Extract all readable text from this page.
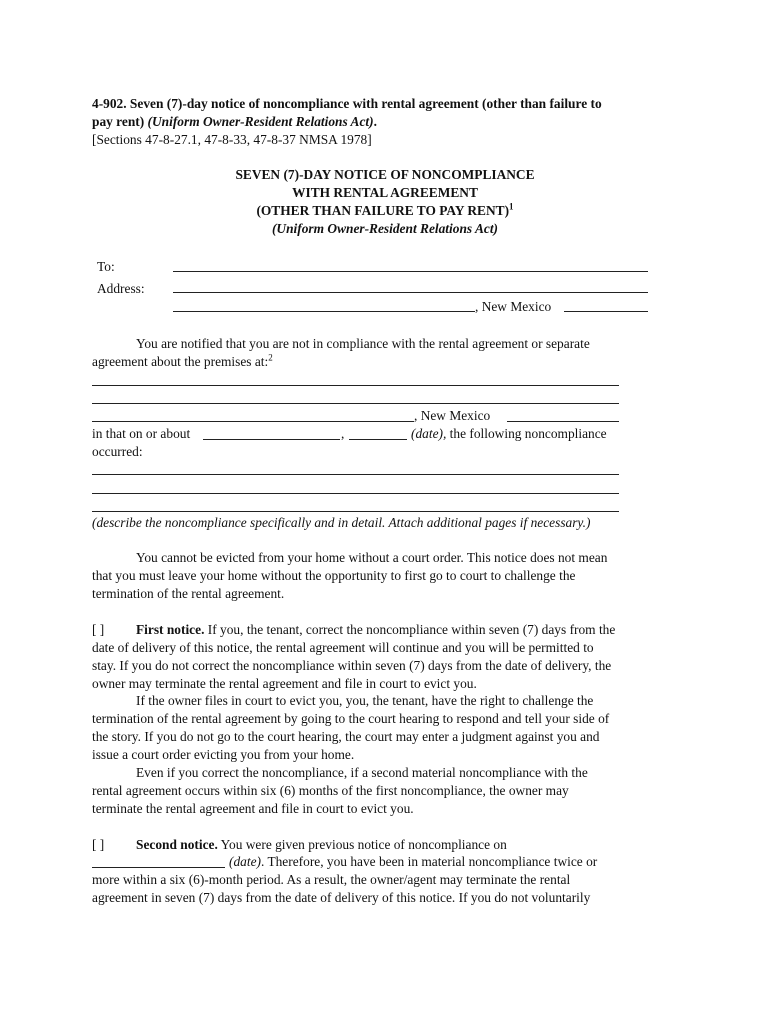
4-902. Seven (7)-day notice of noncompliance with rental agreement (other than failure to
pay rent) (Uniform Owner-Resident Relations Act).
[Sections 47-8-27.1, 47-8-33, 47-8-37 NMSA 1978]
SEVEN (7)-DAY NOTICE OF NONCOMPLIANCE
WITH RENTAL AGREEMENT
(OTHER THAN FAILURE TO PAY RENT)$^1$
(Uniform Owner-Resident Relations Act)
To:
Address:
, New Mexico
You are notified that you are not in compliance with the rental agreement or separate
agreement about the premises at:$^2$
, New Mexico
in that on or about	,	(date), the following noncompliance
occurred:
(describe the noncompliance specifically and in detail. Attach additional pages if necessary.)
You cannot be evicted from your home without a court order. This notice does not mean
that you must leave your home without the opportunity to first go to court to challenge the
termination of the rental agreement.
[ ] First notice. If you, the tenant, correct the noncompliance within seven (7) days from the
date of delivery of this notice, the rental agreement will continue and you will be permitted to
stay. If you do not correct the noncompliance within seven (7) days from the date of delivery, the
owner may terminate the rental agreement and file in court to evict you.
If the owner files in court to evict you, you, the tenant, have the right to challenge the
termination of the rental agreement by going to the court hearing to respond and tell your side of
the story. If you do not go to the court hearing, the court may enter a judgment against you and
issue a court order evicting you from your home.
Even if you correct the noncompliance, if a second material noncompliance with the
rental agreement occurs within six (6) months of the first noncompliance, the owner may
terminate the rental agreement and file in court to evict you.
[ ] Second notice. You were given previous notice of noncompliance on
(date). Therefore, you have been in material noncompliance twice or
more within a six (6)-month period. As a result, the owner/agent may terminate the rental
agreement in seven (7) days from the date of delivery of this notice. If you do not voluntarily
